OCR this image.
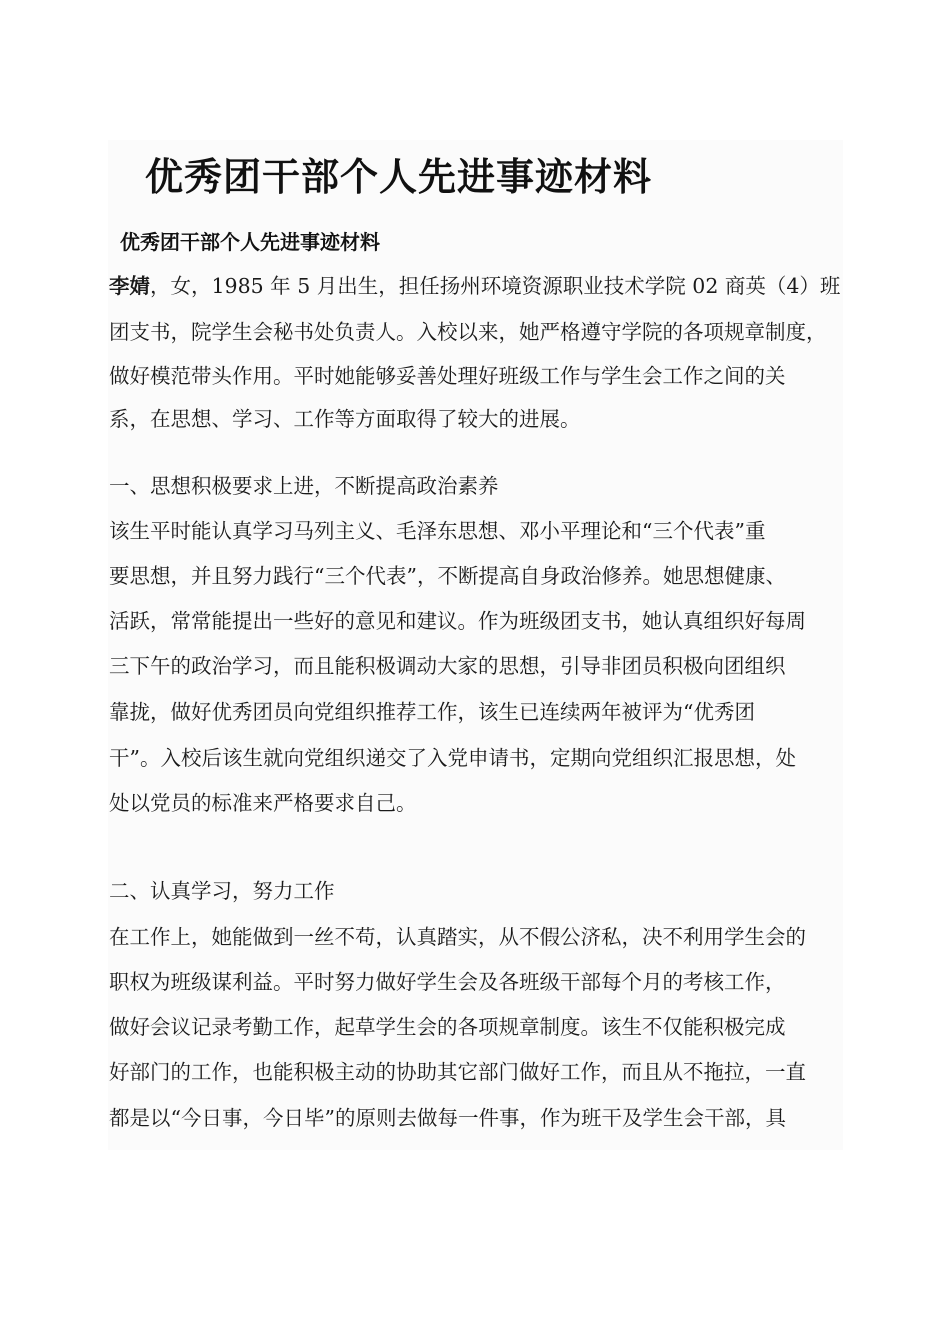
优秀团干部个人先进事迹材料
优秀团干部个人先进事迹材料

李婧，女，1985 年 5 月出生，担任扬州环境资源职业技术学院 02 商英（4）班

团支书，院学生会秘书处负责人。入校以来，她严格遵守学院的各项规章制度，

做好模范带头作用。平时她能够妥善处理好班级工作与学生会工作之间的关

系，在思想、学习、工作等方面取得了较大的进展。

一、思想积极要求上进，不断提高政治素养

该生平时能认真学习马列主义、毛泽东思想、邓小平理论和“三个代表”重

要思想，并且努力践行“三个代表”，不断提高自身政治修养。她思想健康、

活跃，常常能提出一些好的意见和建议。作为班级团支书，她认真组织好每周

三下午的政治学习，而且能积极调动大家的思想，引导非团员积极向团组织

靠拢，做好优秀团员向党组织推荐工作，该生已连续两年被评为“优秀团

干”。入校后该生就向党组织递交了入党申请书，定期向党组织汇报思想，处

处以党员的标准来严格要求自己。

二、认真学习，努力工作

在工作上，她能做到一丝不苟，认真踏实，从不假公济私，决不利用学生会的

职权为班级谋利益。平时努力做好学生会及各班级干部每个月的考核工作，

做好会议记录考勤工作，起草学生会的各项规章制度。该生不仅能积极完成

好部门的工作，也能积极主动的协助其它部门做好工作，而且从不拖拉，一直

都是以“今日事，今日毕”的原则去做每一件事，作为班干及学生会干部，具
